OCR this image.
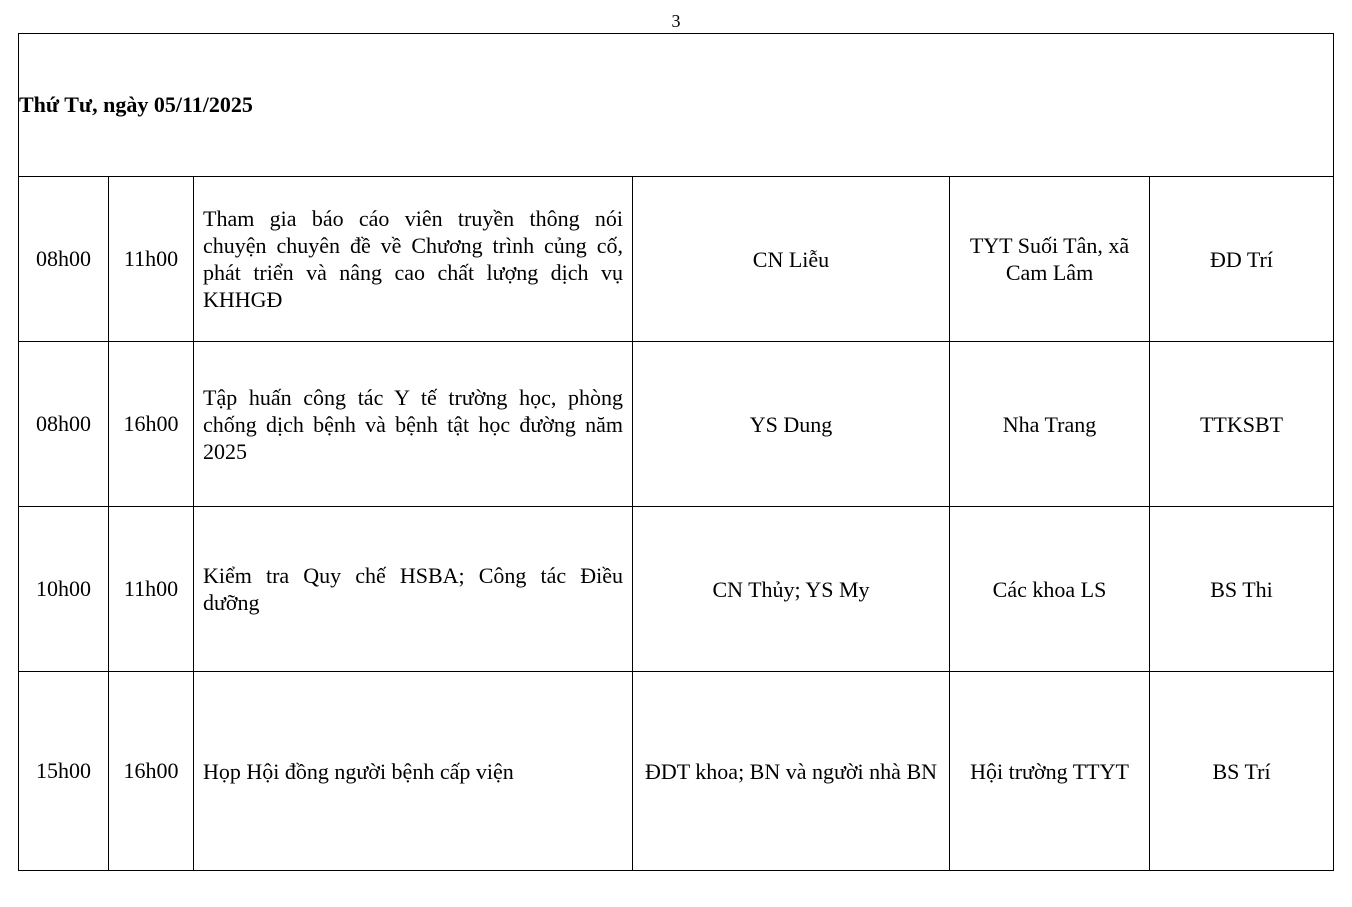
3
Thứ Tư, ngày 05/11/2025					
08h00	11h00	Tham gia báo cáo viên truyền thông nói chuyện chuyên đề về Chương trình củng cố, phát triển và nâng cao chất lượng dịch vụ KHHGĐ	CN Liễu	TYT Suối Tân, xã Cam Lâm	ĐD Trí
08h00	16h00	Tập huấn công tác Y tế trường học, phòng chống dịch bệnh và bệnh tật học đường năm 2025	YS Dung	Nha Trang	TTKSBT
10h00	11h00	Kiểm tra Quy chế HSBA; Công tác Điều dưỡng	CN Thủy; YS My	Các khoa LS	BS Thi
15h00	16h00	Họp Hội đồng người bệnh cấp viện	ĐDT khoa; BN và người nhà BN	Hội trường TTYT	BS Trí
